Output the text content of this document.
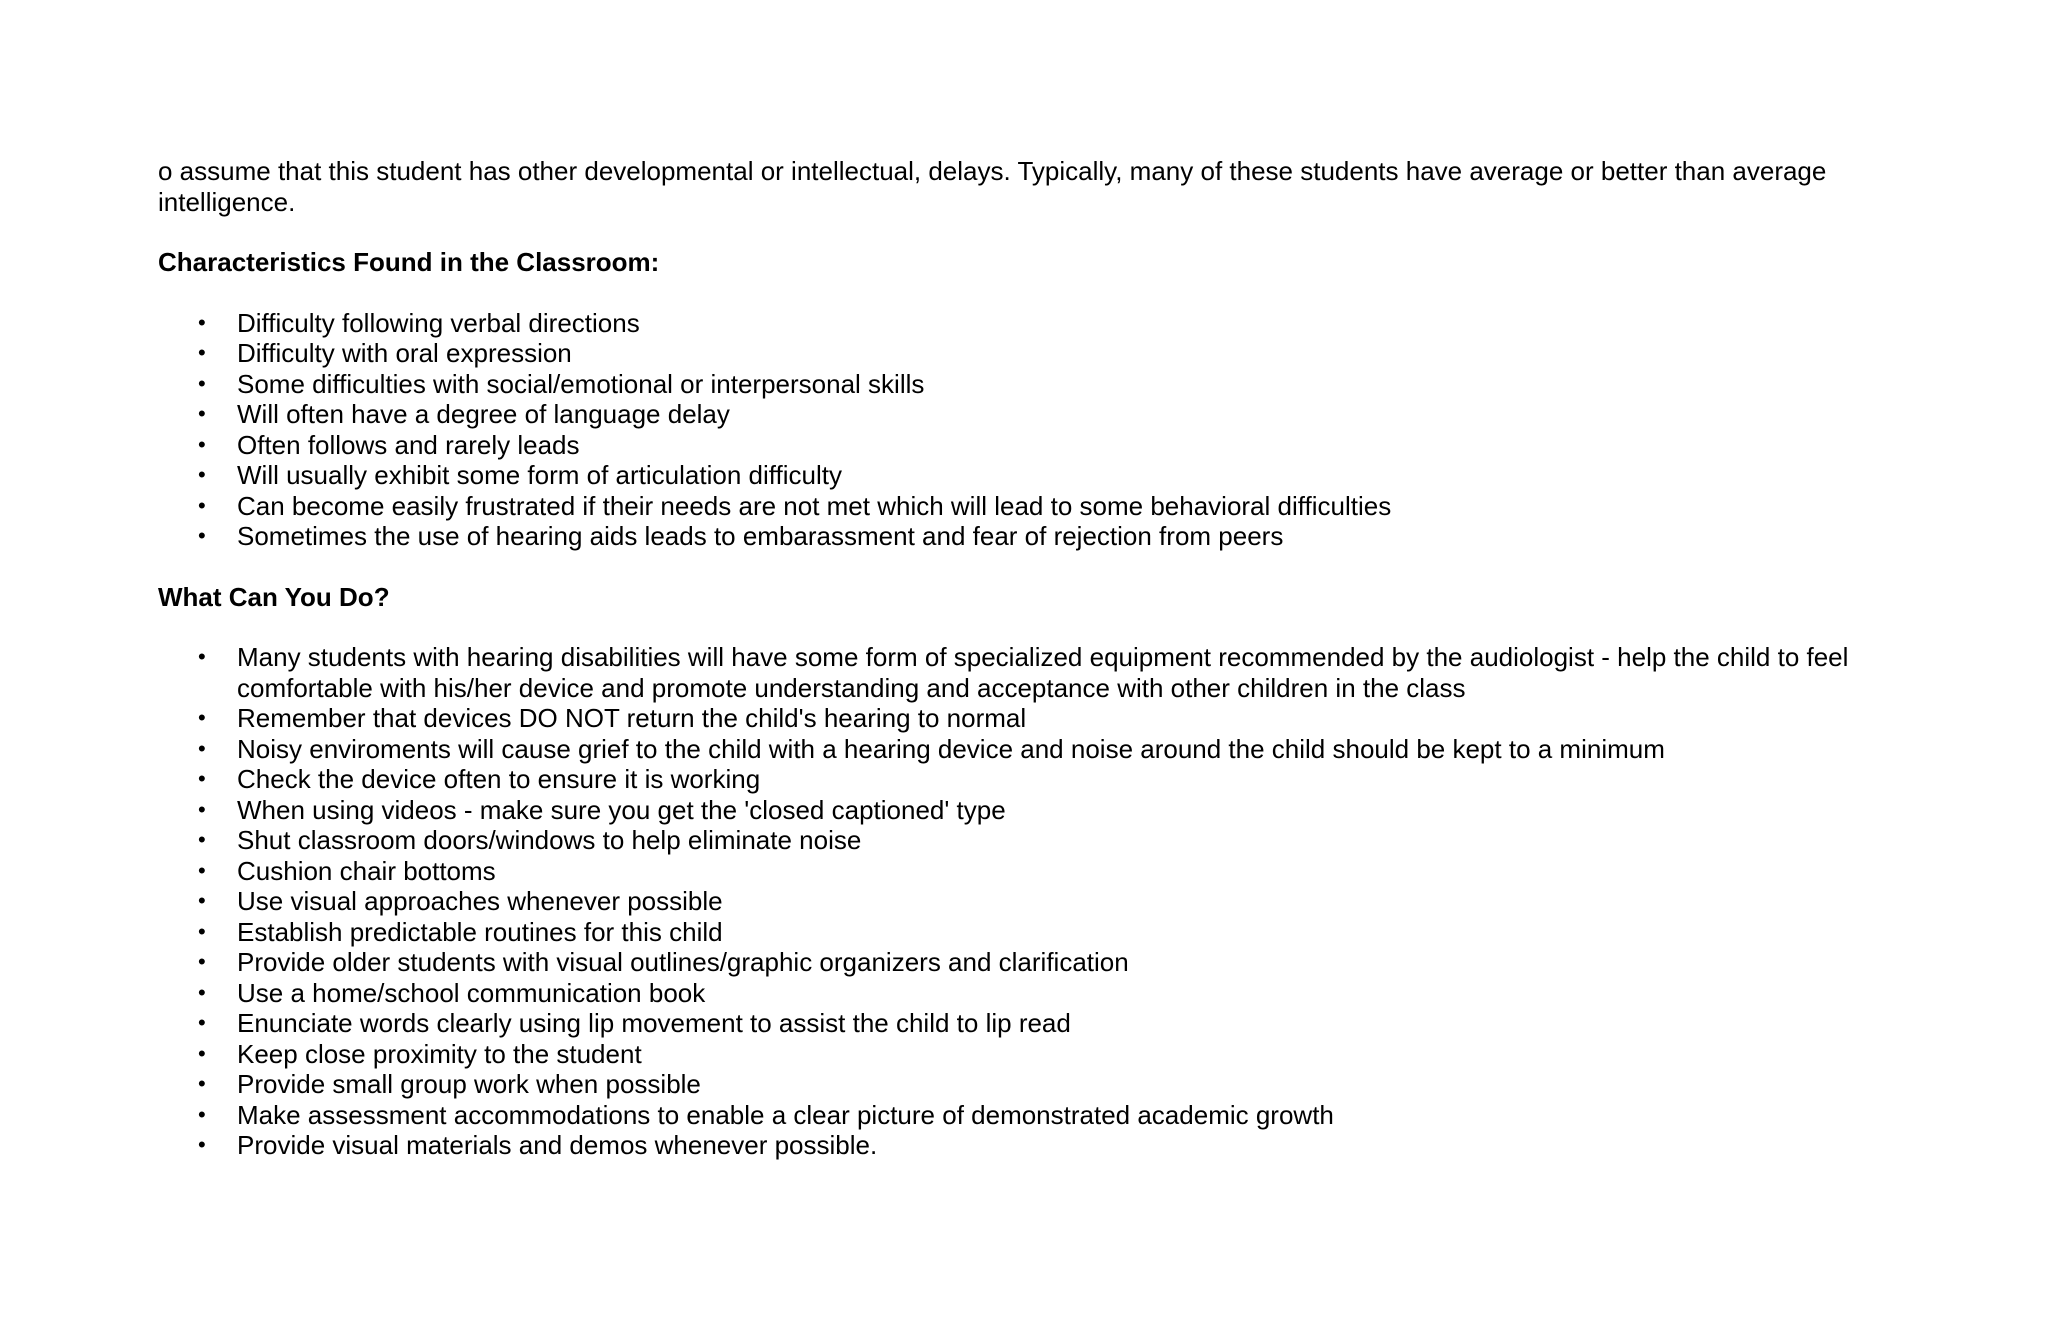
o assume that this student has other developmental or intellectual, delays. Typically, many of these students have average or better than average intelligence.

Characteristics Found in the Classroom:

• Difficulty following verbal directions
• Difficulty with oral expression
• Some difficulties with social/emotional or interpersonal skills
• Will often have a degree of language delay
• Often follows and rarely leads
• Will usually exhibit some form of articulation difficulty
• Can become easily frustrated if their needs are not met which will lead to some behavioral difficulties
• Sometimes the use of hearing aids leads to embarassment and fear of rejection from peers

What Can You Do?

• Many students with hearing disabilities will have some form of specialized equipment recommended by the audiologist - help the child to feel comfortable with his/her device and promote understanding and acceptance with other children in the class
• Remember that devices DO NOT return the child's hearing to normal
• Noisy enviroments will cause grief to the child with a hearing device and noise around the child should be kept to a minimum
• Check the device often to ensure it is working
• When using videos - make sure you get the 'closed captioned' type
• Shut classroom doors/windows to help eliminate noise
• Cushion chair bottoms
• Use visual approaches whenever possible
• Establish predictable routines for this child
• Provide older students with visual outlines/graphic organizers and clarification
• Use a home/school communication book
• Enunciate words clearly using lip movement to assist the child to lip read
• Keep close proximity to the student
• Provide small group work when possible
• Make assessment accommodations to enable a clear picture of demonstrated academic growth
• Provide visual materials and demos whenever possible.
